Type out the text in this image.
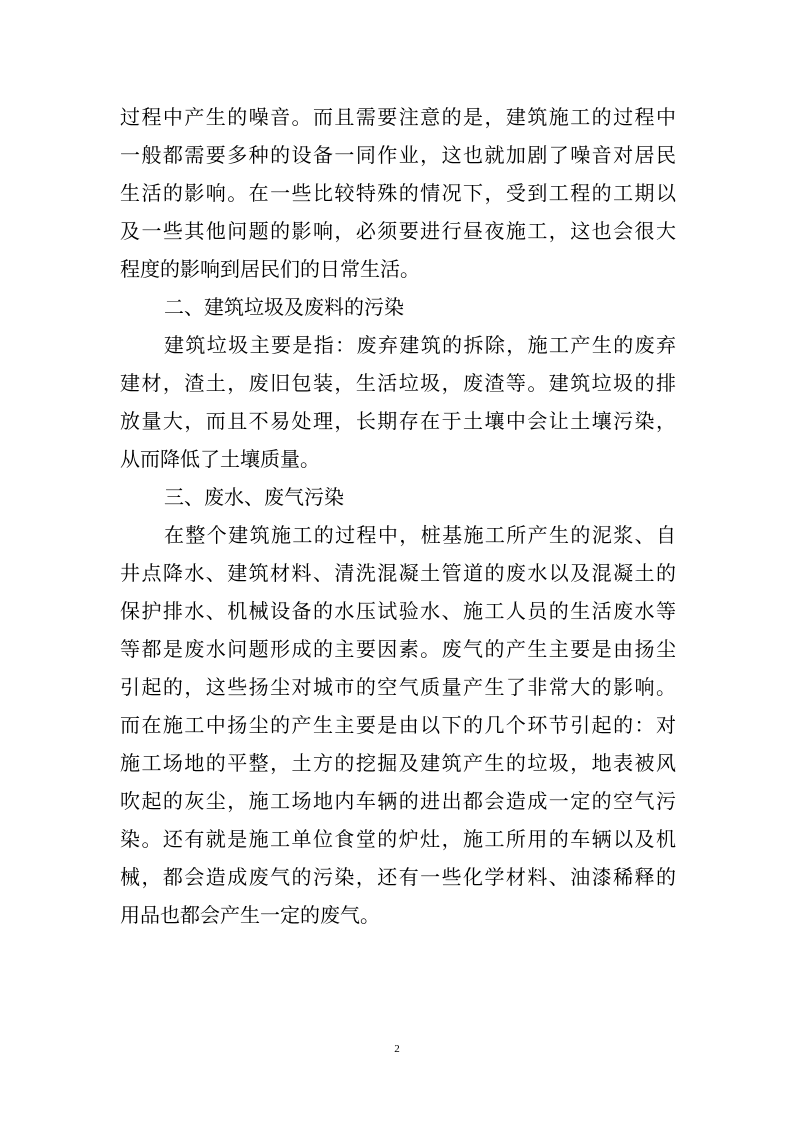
过程中产生的噪音。而且需要注意的是，建筑施工的过程中
一般都需要多种的设备一同作业，这也就加剧了噪音对居民
生活的影响。在一些比较特殊的情况下，受到工程的工期以
及一些其他问题的影响，必须要进行昼夜施工，这也会很大
程度的影响到居民们的日常生活。
二、建筑垃圾及废料的污染
建筑垃圾主要是指：废弃建筑的拆除，施工产生的废弃
建材，渣土，废旧包装，生活垃圾，废渣等。建筑垃圾的排
放量大，而且不易处理，长期存在于土壤中会让土壤污染，
从而降低了土壤质量。
三、废水、废气污染
在整个建筑施工的过程中，桩基施工所产生的泥浆、自
井点降水、建筑材料、清洗混凝土管道的废水以及混凝土的
保护排水、机械设备的水压试验水、施工人员的生活废水等
等都是废水问题形成的主要因素。废气的产生主要是由扬尘
引起的，这些扬尘对城市的空气质量产生了非常大的影响。
而在施工中扬尘的产生主要是由以下的几个环节引起的：对
施工场地的平整，土方的挖掘及建筑产生的垃圾，地表被风
吹起的灰尘，施工场地内车辆的进出都会造成一定的空气污
染。还有就是施工单位食堂的炉灶，施工所用的车辆以及机
械，都会造成废气的污染，还有一些化学材料、油漆稀释的
用品也都会产生一定的废气。
2
